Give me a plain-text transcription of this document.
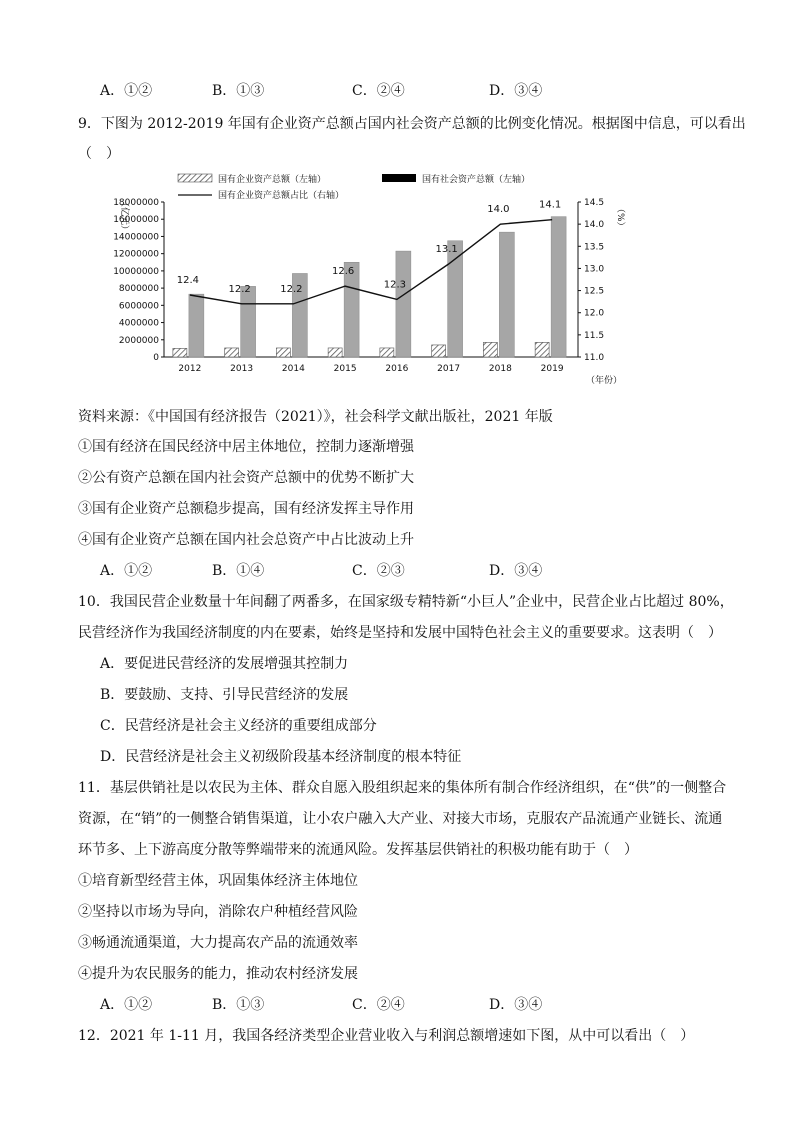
A．①②	B．①③	C．②④	D．③④
9．下图为 2012-2019 年国有企业资产总额占国内社会资产总额的比例变化情况。根据图中信息，可以看出
（　）
0
2000000
4000000
6000000
8000000
10000000
12000000
14000000
16000000
18000000
11.0
11.5
12.0
12.5
13.0
13.5
14.0
14.5
（亿元）	（%）
（年份）
2012	2013	2014	2015	2016	2017	2018	2019
12.4
12.2	12.2
12.6
12.3
13.1
14.0	14.1
国有企业资产总额（左轴）	国有社会资产总额（左轴）
国有企业资产总额占比（右轴）
资料来源：《中国国有经济报告（2021）》，社会科学文献出版社，2021 年版
①国有经济在国民经济中居主体地位，控制力逐渐增强
②公有资产总额在国内社会资产总额中的优势不断扩大
③国有企业资产总额稳步提高，国有经济发挥主导作用
④国有企业资产总额在国内社会总资产中占比波动上升
A．①②	B．①④	C．②③	D．③④
10．我国民营企业数量十年间翻了两番多，在国家级专精特新“小巨人”企业中，民营企业占比超过 80%，
民营经济作为我国经济制度的内在要素，始终是坚持和发展中国特色社会主义的重要要求。这表明（　）
A．要促进民营经济的发展增强其控制力
B．要鼓励、支持、引导民营经济的发展
C．民营经济是社会主义经济的重要组成部分
D．民营经济是社会主义初级阶段基本经济制度的根本特征
11．基层供销社是以农民为主体、群众自愿入股组织起来的集体所有制合作经济组织，在“供”的一侧整合
资源，在“销”的一侧整合销售渠道，让小农户融入大产业、对接大市场，克服农产品流通产业链长、流通
环节多、上下游高度分散等弊端带来的流通风险。发挥基层供销社的积极功能有助于（　）
①培育新型经营主体，巩固集体经济主体地位
②坚持以市场为导向，消除农户种植经营风险
③畅通流通渠道，大力提高农产品的流通效率
④提升为农民服务的能力，推动农村经济发展
A．①②	B．①③	C．②④	D．③④
12．2021 年 1-11 月，我国各经济类型企业营业收入与利润总额增速如下图，从中可以看出（　）
